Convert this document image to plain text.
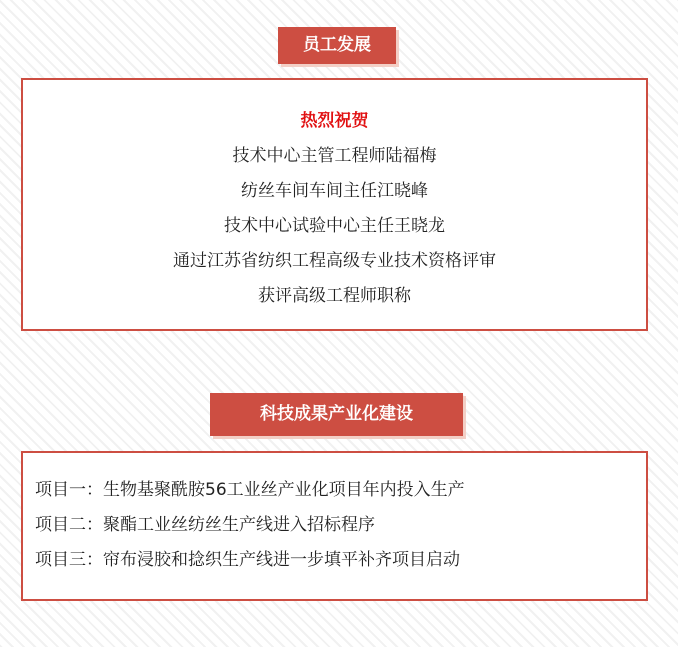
员工发展
热烈祝贺
技术中心主管工程师陆福梅
纺丝车间车间主任江晓峰
技术中心试验中心主任王晓龙
通过江苏省纺织工程高级专业技术资格评审
获评高级工程师职称
科技成果产业化建设
项目一：生物基聚酰胺56工业丝产业化项目年内投入生产
项目二：聚酯工业丝纺丝生产线进入招标程序
项目三：帘布浸胶和捻织生产线进一步填平补齐项目启动
